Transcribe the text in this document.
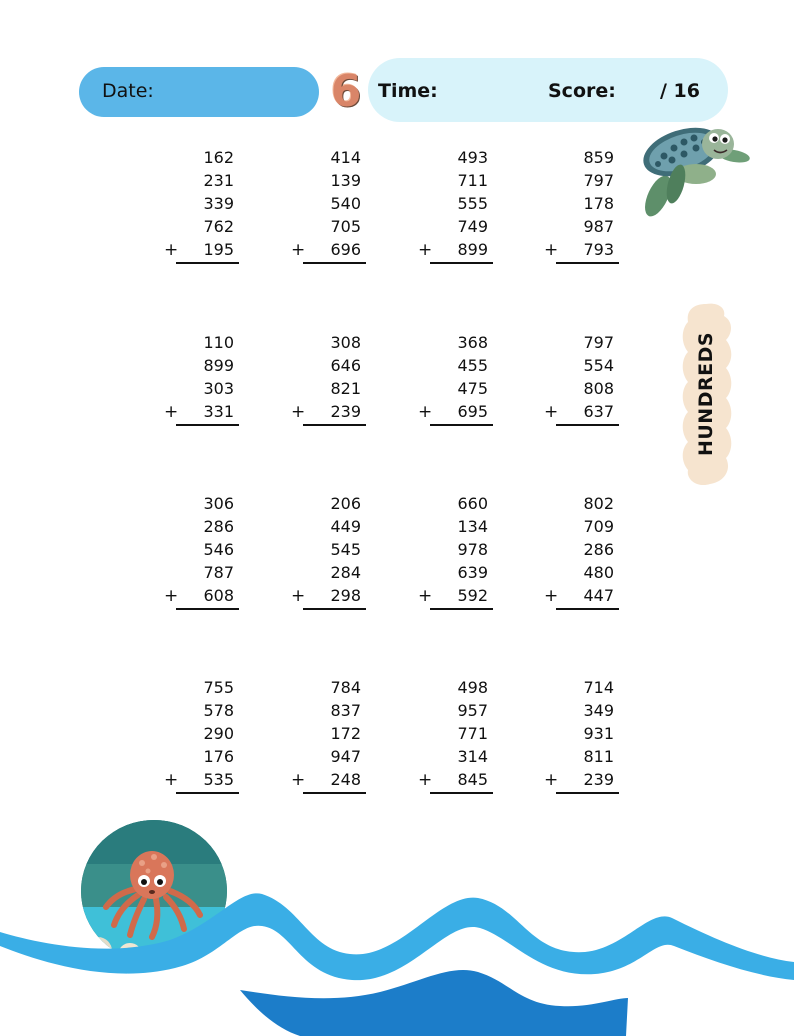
Date:	6 Time:	Score: / 16
162
231
339
762
195
+
414
139
540
705
696
+
493
711
555
749
899
+
859
797
178
987
793
+
110
899
303
331
+
308
646
821
239
+
368
455
475
695
+
797
554
808
637
+
306
286
546
787
608
+
206
449
545
284
298
+
660
134
978
639
592
+
802
709
286
480
447
+
755
578
290
176
535
+
784
837
172
947
248
+
498
957
771
314
845
+
714
349
931
811
239
+
HUNDREDS
